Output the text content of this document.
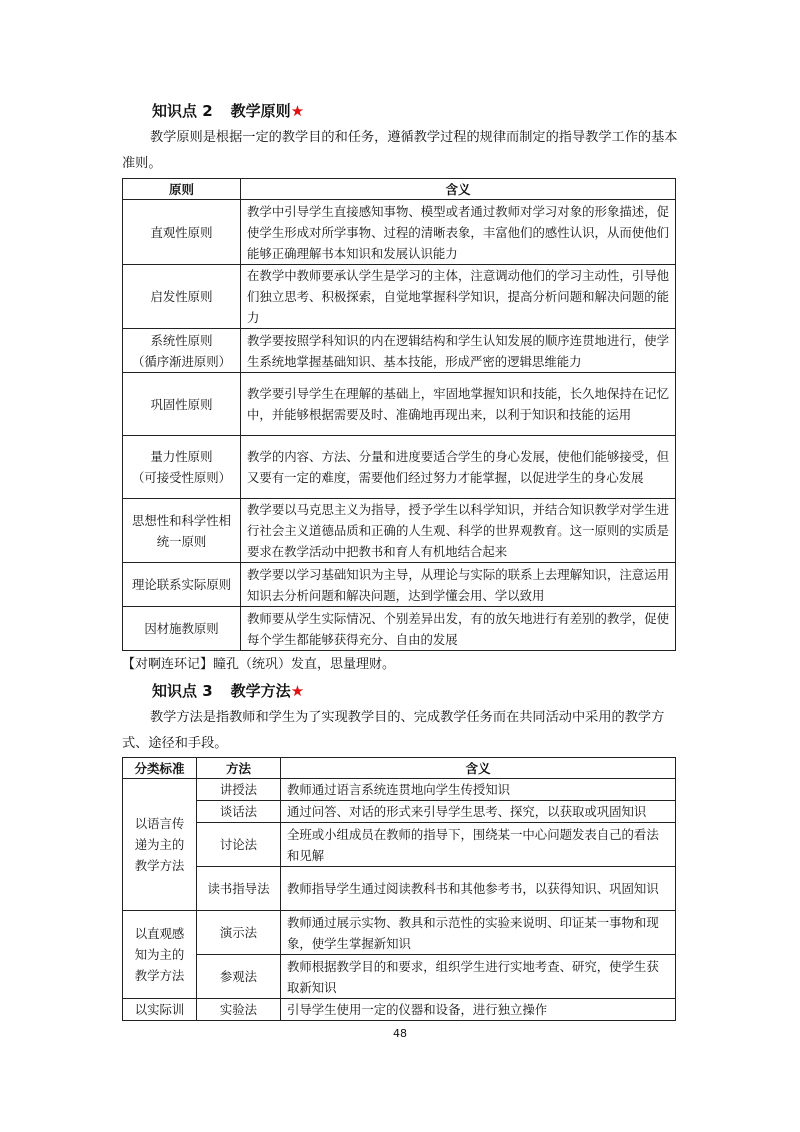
知识点 2 教学原则★

教学原则是根据一定的教学目的和任务，遵循教学过程的规律而制定的指导教学工作的基本准则。

原则	含义
直观性原则	教学中引导学生直接感知事物、模型或者通过教师对学习对象的形象描述，促使学生形成对所学事物、过程的清晰表象，丰富他们的感性认识，从而使他们能够正确理解书本知识和发展认识能力
启发性原则	在教学中教师要承认学生是学习的主体，注意调动他们的学习主动性，引导他们独立思考、积极探索，自觉地掌握科学知识，提高分析问题和解决问题的能力

系统性原则
（循序渐进原则）	教学要按照学科知识的内在逻辑结构和学生认知发展的顺序连贯地进行，使学生系统地掌握基础知识、基本技能，形成严密的逻辑思维能力
巩固性原则	教学要引导学生在理解的基础上，牢固地掌握知识和技能，长久地保持在记忆中，并能够根据需要及时、准确地再现出来，以利于知识和技能的运用

量力性原则
（可接受性原则）	教学的内容、方法、分量和进度要适合学生的身心发展，使他们能够接受，但又要有一定的难度，需要他们经过努力才能掌握，以促进学生的身心发展
思想性和科学性相统一原则	教学要以马克思主义为指导，授予学生以科学知识，并结合知识教学对学生进行社会主义道德品质和正确的人生观、科学的世界观教育。这一原则的实质是要求在教学活动中把教书和育人有机地结合起来
理论联系实际原则	教学要以学习基础知识为主导，从理论与实际的联系上去理解知识，注意运用知识去分析问题和解决问题，达到学懂会用、学以致用
因材施教原则	教师要从学生实际情况、个别差异出发，有的放矢地进行有差别的教学，促使每个学生都能够获得充分、自由的发展
【对啊连环记】瞳孔（统巩）发直，思量理财。
知识点 3 教学方法★

教学方法是指教师和学生为了实现教学目的、完成教学任务而在共同活动中采用的教学方式、途径和手段。

分类标准	方法	含义
以语言传递为主的教学方法	讲授法	教师通过语言系统连贯地向学生传授知识
	谈话法	通过问答、对话的形式来引导学生思考、探究，以获取或巩固知识
	讨论法	全班或小组成员在教师的指导下，围绕某一中心问题发表自己的看法和见解
	读书指导法	教师指导学生通过阅读教科书和其他参考书，以获得知识、巩固知识
以直观感知为主的教学方法	演示法	教师通过展示实物、教具和示范性的实验来说明、印证某一事物和现象，使学生掌握新知识
	参观法	教师根据教学目的和要求，组织学生进行实地考查、研究，使学生获取新知识
以实际训	实验法	引导学生使用一定的仪器和设备，进行独立操作
48
